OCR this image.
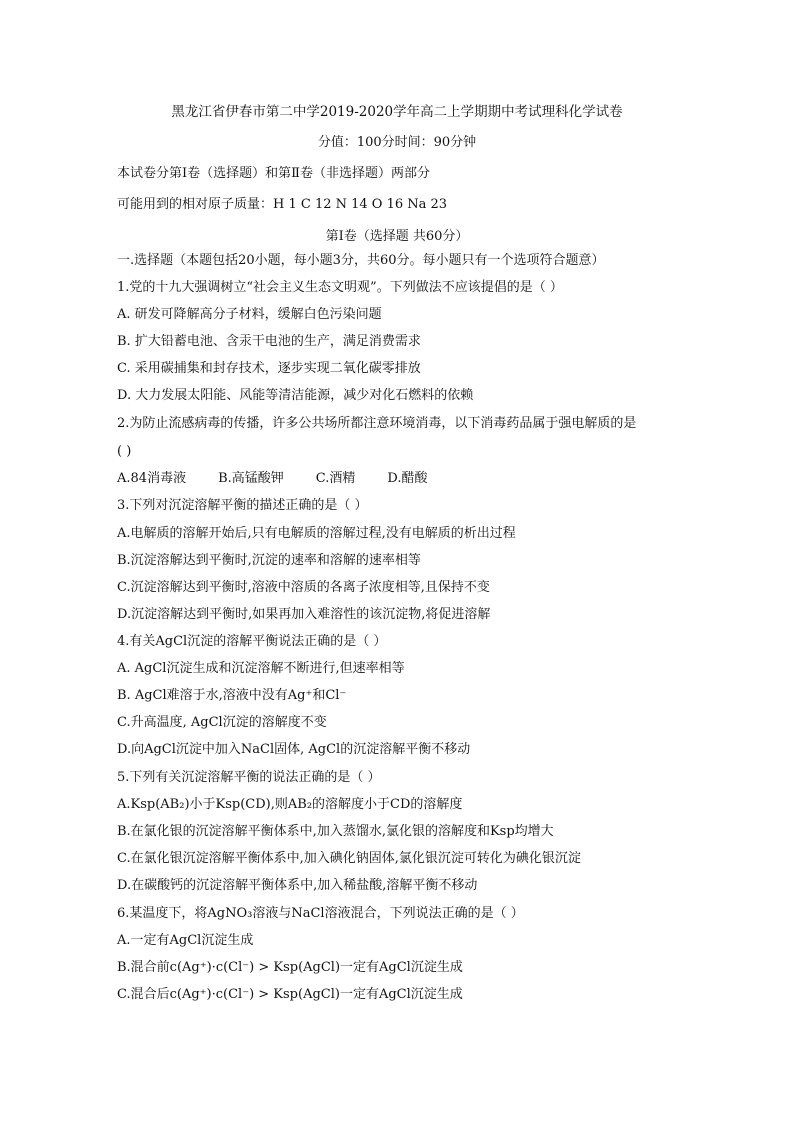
黑龙江省伊春市第二中学2019-2020学年高二上学期期中考试理科化学试卷
分值：100分时间：90分钟
本试卷分第Ⅰ卷（选择题）和第Ⅱ卷（非选择题）两部分
可能用到的相对原子质量：H 1 C 12 N 14 O 16 Na 23
第Ⅰ卷（选择题 共60分）
一.选择题（本题包括20小题，每小题3分，共60分。每小题只有一个选项符合题意）
1.党的十九大强调树立“社会主义生态文明观”。下列做法不应该提倡的是（ ）
A. 研发可降解高分子材料，缓解白色污染问题
B. 扩大铅蓄电池、含汞干电池的生产，满足消费需求
C. 采用碳捕集和封存技术，逐步实现二氧化碳零排放
D. 大力发展太阳能、风能等清洁能源，减少对化石燃料的依赖
2.为防止流感病毒的传播，许多公共场所都注意环境消毒，以下消毒药品属于强电解质的是
( )
A.84消毒液 B.高锰酸钾 C.酒精 D.醋酸
3.下列对沉淀溶解平衡的描述正确的是（ ）
A.电解质的溶解开始后,只有电解质的溶解过程,没有电解质的析出过程
B.沉淀溶解达到平衡时,沉淀的速率和溶解的速率相等
C.沉淀溶解达到平衡时,溶液中溶质的各离子浓度相等,且保持不变
D.沉淀溶解达到平衡时,如果再加入难溶性的该沉淀物,将促进溶解
4.有关AgCl沉淀的溶解平衡说法正确的是（ ）
A. AgCl沉淀生成和沉淀溶解不断进行,但速率相等
B. AgCl难溶于水,溶液中没有Ag⁺和Cl⁻
C.升高温度, AgCl沉淀的溶解度不变
D.向AgCl沉淀中加入NaCl固体, AgCl的沉淀溶解平衡不移动
5.下列有关沉淀溶解平衡的说法正确的是（ ）
A.Ksp(AB₂)小于Ksp(CD),则AB₂的溶解度小于CD的溶解度
B.在氯化银的沉淀溶解平衡体系中,加入蒸馏水,氯化银的溶解度和Ksp均增大
C.在氯化银沉淀溶解平衡体系中,加入碘化钠固体,氯化银沉淀可转化为碘化银沉淀
D.在碳酸钙的沉淀溶解平衡体系中,加入稀盐酸,溶解平衡不移动
6.某温度下，将AgNO₃溶液与NaCl溶液混合，下列说法正确的是（ ）
A.一定有AgCl沉淀生成
B.混合前c(Ag⁺)·c(Cl⁻) > Ksp(AgCl)一定有AgCl沉淀生成
C.混合后c(Ag⁺)·c(Cl⁻) > Ksp(AgCl)一定有AgCl沉淀生成
